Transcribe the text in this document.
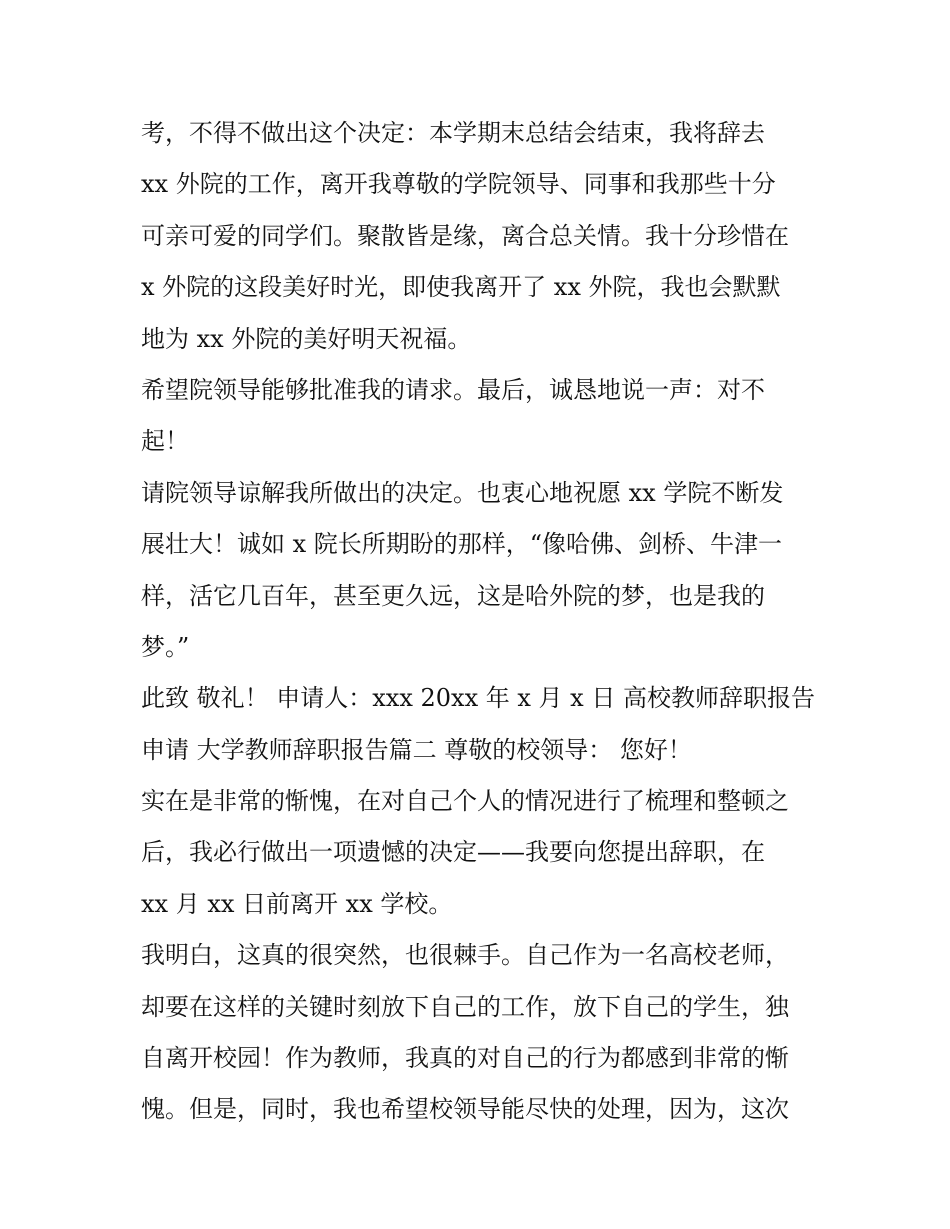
考，不得不做出这个决定：本学期末总结会结束，我将辞去
xx 外院的工作，离开我尊敬的学院领导、同事和我那些十分
可亲可爱的同学们。聚散皆是缘，离合总关情。我十分珍惜在
x 外院的这段美好时光，即使我离开了 xx 外院，我也会默默
地为 xx 外院的美好明天祝福。
希望院领导能够批准我的请求。最后，诚恳地说一声：对不
起！
请院领导谅解我所做出的决定。也衷心地祝愿 xx 学院不断发
展壮大！诚如 x 院长所期盼的那样，“像哈佛、剑桥、牛津一
样，活它几百年，甚至更久远，这是哈外院的梦，也是我的
梦。”
此致 敬礼！ 申请人：xxx 20xx 年 x 月 x 日 高校教师辞职报告
申请 大学教师辞职报告篇二 尊敬的校领导： 您好！
实在是非常的惭愧，在对自己个人的情况进行了梳理和整顿之
后，我必行做出一项遗憾的决定——我要向您提出辞职，在
xx 月 xx 日前离开 xx 学校。
我明白，这真的很突然，也很棘手。自己作为一名高校老师，
却要在这样的关键时刻放下自己的工作，放下自己的学生，独
自离开校园！作为教师，我真的对自己的行为都感到非常的惭
愧。但是，同时，我也希望校领导能尽快的处理，因为，这次
